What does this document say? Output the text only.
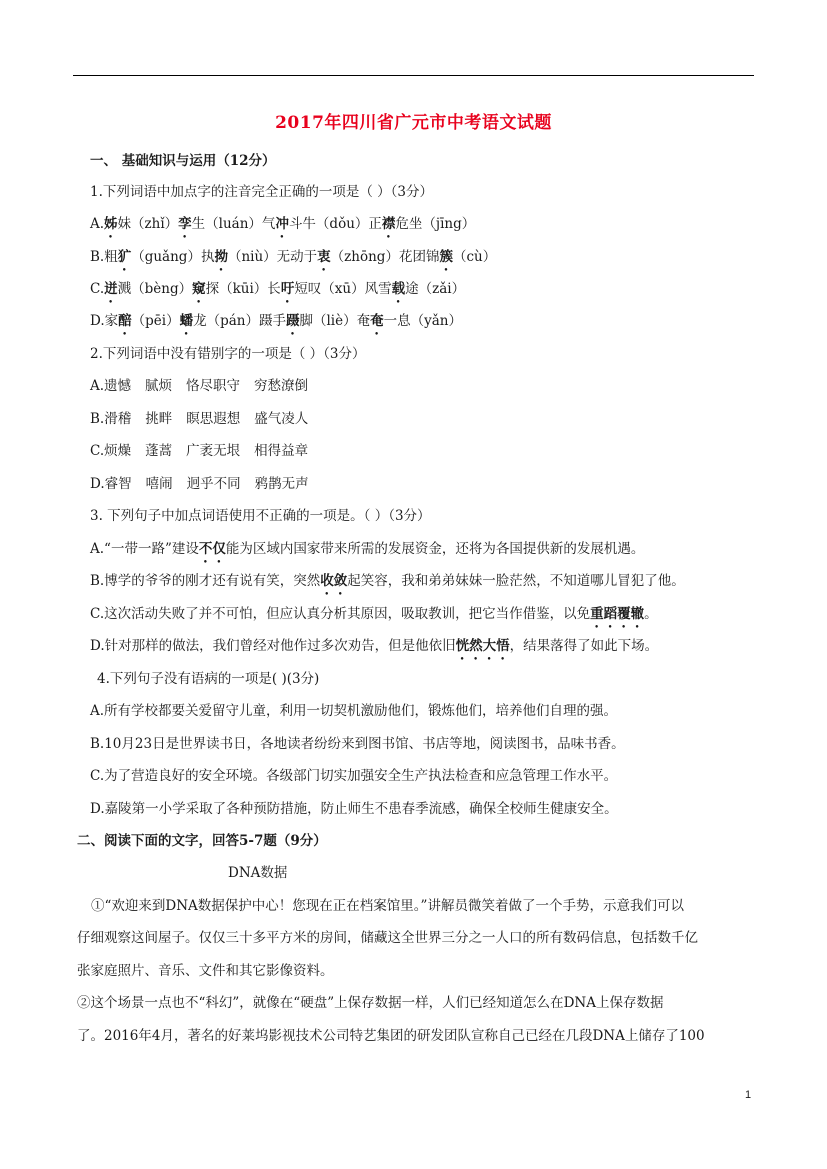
2017年四川省广元市中考语文试题
一、 基础知识与运用（12分）
1.下列词语中加点字的注音完全正确的一项是（ ）（3分）
A.姊妹（zhǐ）孪生（luán）气冲斗牛（dǒu）正襟危坐（jīng）
B.粗犷（guǎng）执拗（niù）无动于衷（zhōng）花团锦簇（cù）
C.迸溅（bèng）窥探（kūi）长吁短叹（xū）风雪载途（zǎi）
D.家醅（pēi）蟠龙（pán）蹑手蹑脚（liè）奄奄一息（yǎn）
2.下列词语中没有错别字的一项是（ ）（3分）
A.遗憾 腻烦 恪尽职守 穷愁潦倒
B.滑稽 挑畔 瞑思遐想 盛气凌人
C.烦燥 蓬蒿 广袤无垠 相得益章
D.睿智 嘻闹 迥乎不同 鸦鹊无声
3. 下列句子中加点词语使用不正确的一项是。（ ）（3分）
A.“一带一路”建设不仅能为区域内国家带来所需的发展资金，还将为各国提供新的发展机遇。
B.博学的爷爷的刚才还有说有笑，突然收敛起笑容，我和弟弟妹妹一脸茫然，不知道哪儿冒犯了他。
C.这次活动失败了并不可怕，但应认真分析其原因，吸取教训，把它当作借鉴，以免重蹈覆辙。
D.针对那样的做法，我们曾经对他作过多次劝告，但是他依旧恍然大悟，结果落得了如此下场。
4.下列句子没有语病的一项是( )(3分)
A.所有学校都要关爱留守儿童，利用一切契机激励他们，锻炼他们，培养他们自理的强。
B.10月23日是世界读书日，各地读者纷纷来到图书馆、书店等地，阅读图书，品味书香。
C.为了营造良好的安全环境。各级部门切实加强安全生产执法检查和应急管理工作水平。
D.嘉陵第一小学采取了各种预防措施，防止师生不患春季流感，确保全校师生健康安全。
二、阅读下面的文字，回答5-7题（9分）
DNA数据
①“欢迎来到DNA数据保护中心！您现在正在档案馆里。”讲解员微笑着做了一个手势，示意我们可以
仔细观察这间屋子。仅仅三十多平方米的房间，储藏这全世界三分之一人口的所有数码信息，包括数千亿
张家庭照片、音乐、文件和其它影像资料。
②这个场景一点也不“科幻”，就像在“硬盘”上保存数据一样，人们已经知道怎么在DNA上保存数据
了。2016年4月，著名的好莱坞影视技术公司特艺集团的研发团队宣称自己已经在几段DNA上储存了100
1
